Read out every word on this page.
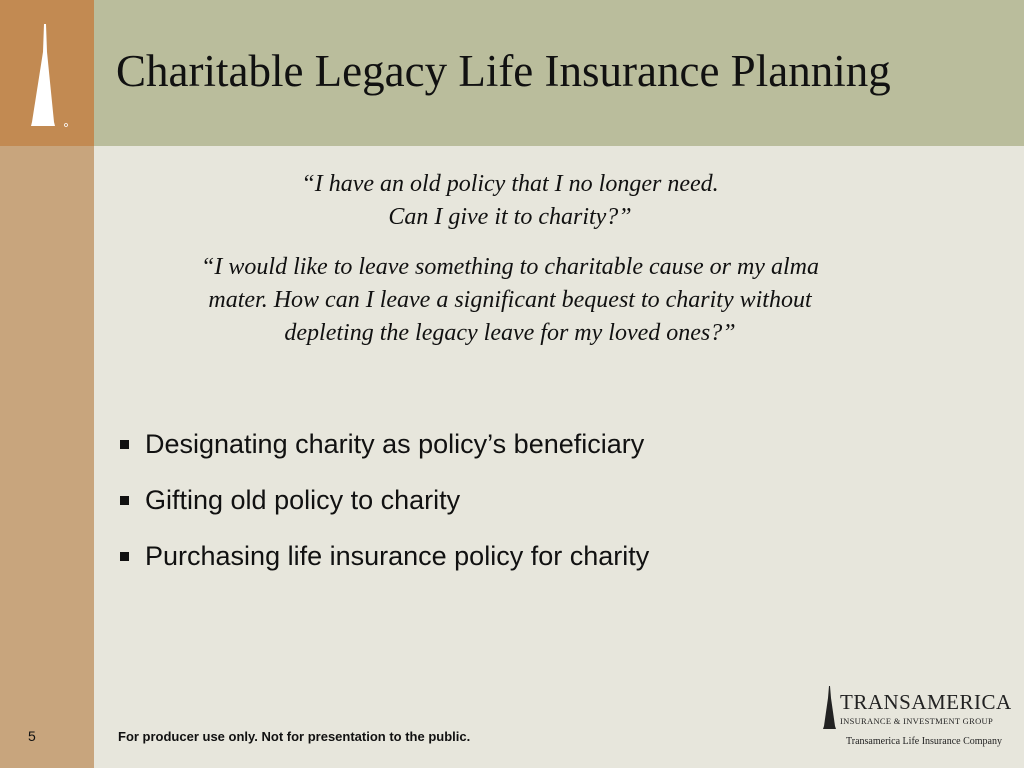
Charitable Legacy Life Insurance Planning
“I have an old policy that I no longer need.
Can I give it to charity?”
“I would like to leave something to charitable cause or my alma
mater. How can I leave a significant bequest to charity without
depleting the legacy leave for my loved ones?”
Designating charity as policy’s beneficiary
Gifting old policy to charity
Purchasing life insurance policy for charity
5	For producer use only. Not for presentation to the public.
TRANSAMERICA
INSURANCE & INVESTMENT GROUP
Transamerica Life Insurance Company
